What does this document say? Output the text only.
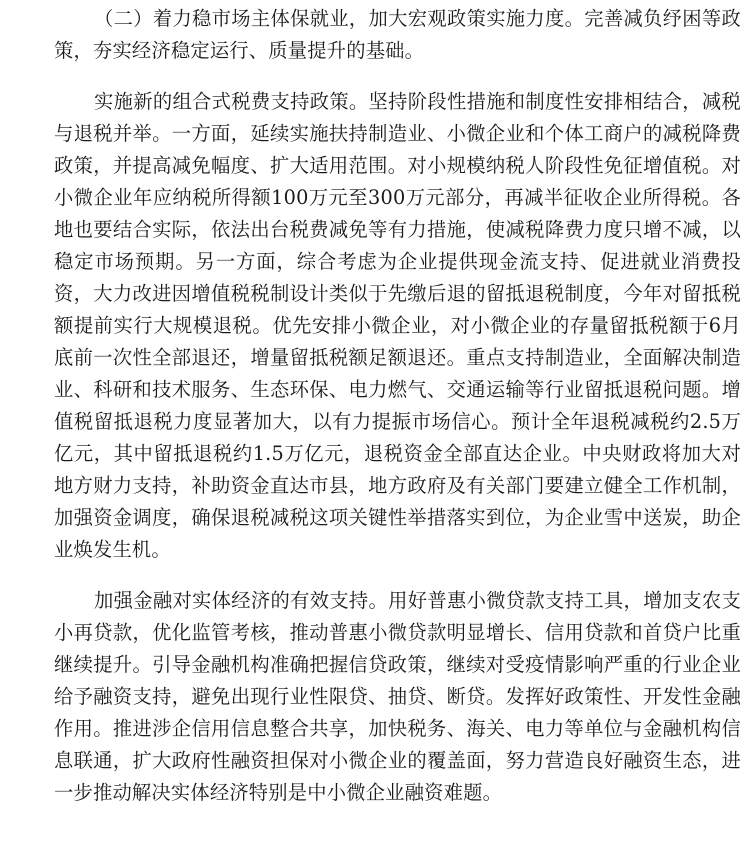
（二）着力稳市场主体保就业，加大宏观政策实施力度。完善减负纾困等政策，夯实经济稳定运行、质量提升的基础。

实施新的组合式税费支持政策。坚持阶段性措施和制度性安排相结合，减税与退税并举。一方面，延续实施扶持制造业、小微企业和个体工商户的减税降费政策，并提高减免幅度、扩大适用范围。对小规模纳税人阶段性免征增值税。对小微企业年应纳税所得额100万元至300万元部分，再减半征收企业所得税。各地也要结合实际，依法出台税费减免等有力措施，使减税降费力度只增不减，以稳定市场预期。另一方面，综合考虑为企业提供现金流支持、促进就业消费投资，大力改进因增值税税制设计类似于先缴后退的留抵退税制度，今年对留抵税额提前实行大规模退税。优先安排小微企业，对小微企业的存量留抵税额于6月底前一次性全部退还，增量留抵税额足额退还。重点支持制造业，全面解决制造业、科研和技术服务、生态环保、电力燃气、交通运输等行业留抵退税问题。增值税留抵退税力度显著加大，以有力提振市场信心。预计全年退税减税约2.5万亿元，其中留抵退税约1.5万亿元，退税资金全部直达企业。中央财政将加大对地方财力支持，补助资金直达市县，地方政府及有关部门要建立健全工作机制，加强资金调度，确保退税减税这项关键性举措落实到位，为企业雪中送炭，助企业焕发生机。

加强金融对实体经济的有效支持。用好普惠小微贷款支持工具，增加支农支小再贷款，优化监管考核，推动普惠小微贷款明显增长、信用贷款和首贷户比重继续提升。引导金融机构准确把握信贷政策，继续对受疫情影响严重的行业企业给予融资支持，避免出现行业性限贷、抽贷、断贷。发挥好政策性、开发性金融作用。推进涉企信用信息整合共享，加快税务、海关、电力等单位与金融机构信息联通，扩大政府性融资担保对小微企业的覆盖面，努力营造良好融资生态，进一步推动解决实体经济特别是中小微企业融资难题。
